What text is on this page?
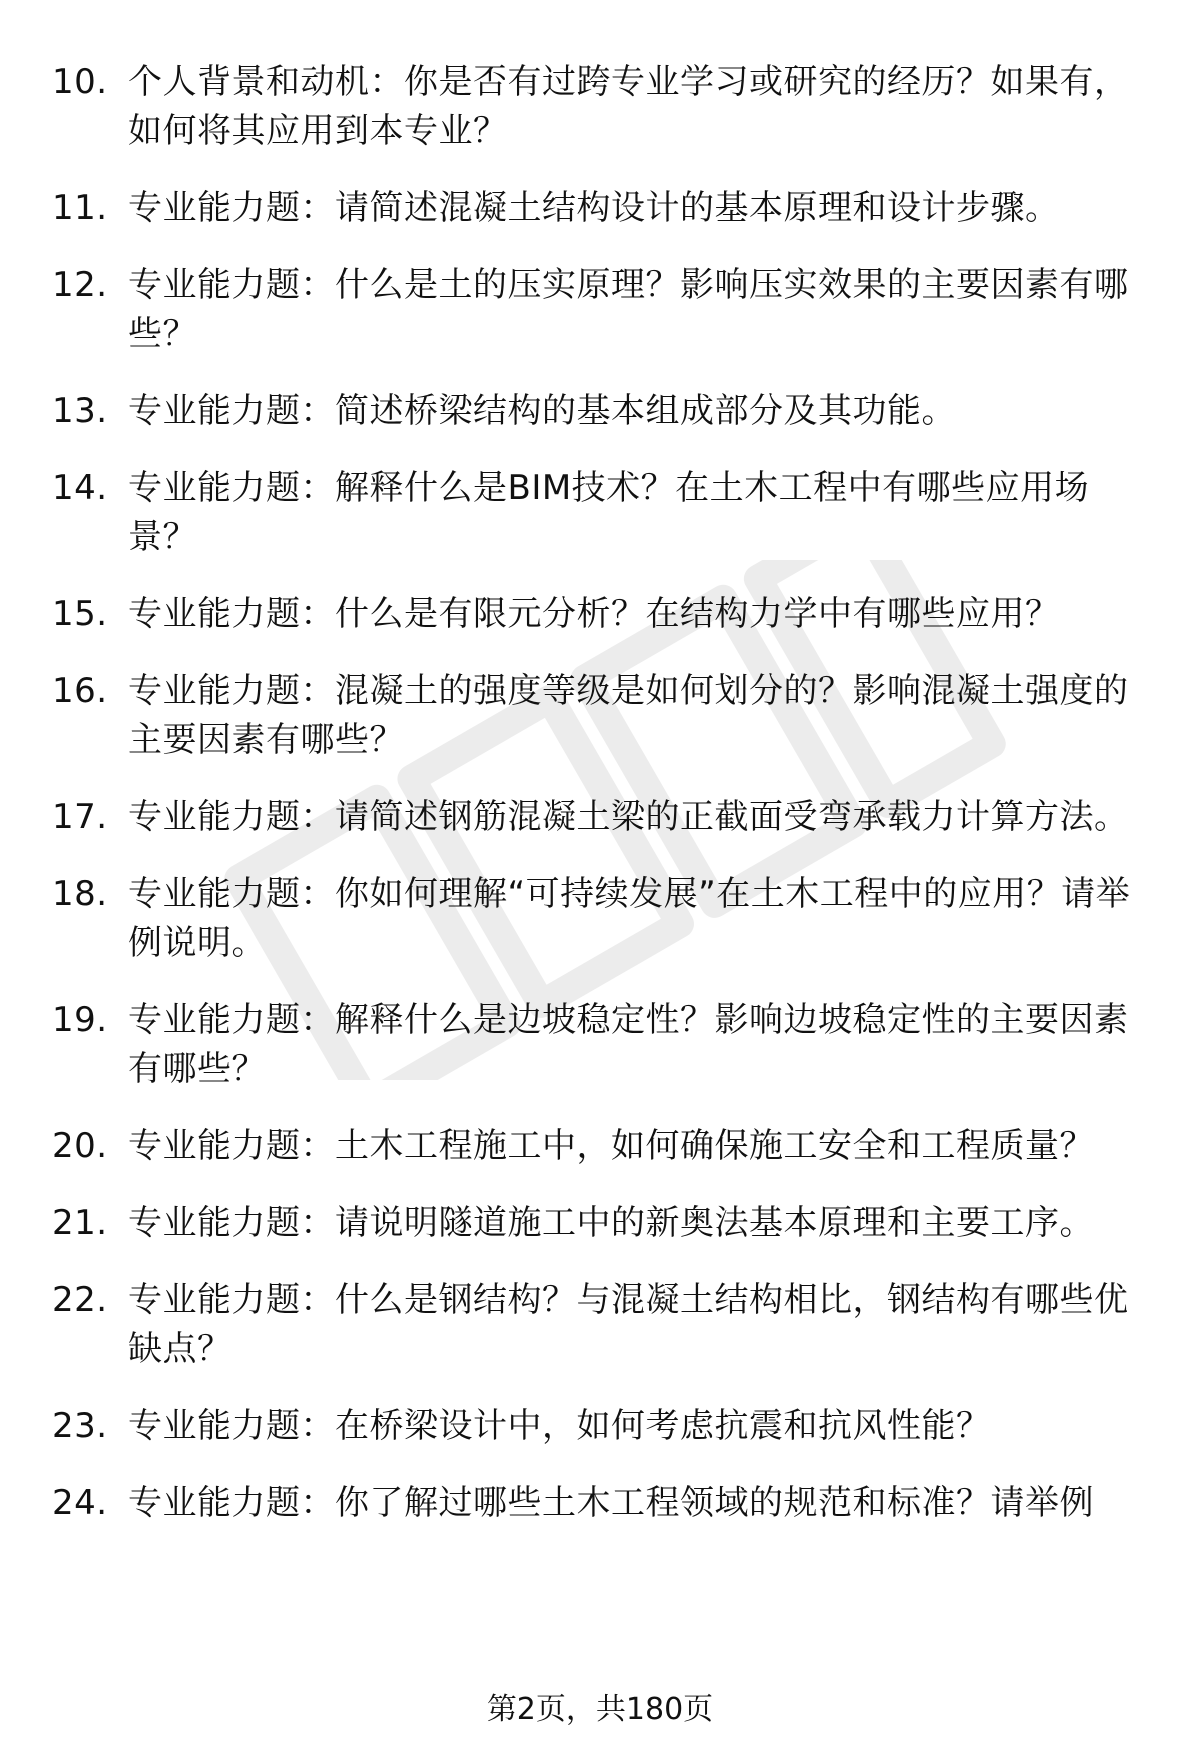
10. 个人背景和动机：你是否有过跨专业学习或研究的经历？如果有，如何将其应用到本专业？
11. 专业能力题：请简述混凝土结构设计的基本原理和设计步骤。
12. 专业能力题：什么是土的压实原理？影响压实效果的主要因素有哪些？
13. 专业能力题：简述桥梁结构的基本组成部分及其功能。
14. 专业能力题：解释什么是BIM技术？在土木工程中有哪些应用场景？
15. 专业能力题：什么是有限元分析？在结构力学中有哪些应用？
16. 专业能力题：混凝土的强度等级是如何划分的？影响混凝土强度的主要因素有哪些？
17. 专业能力题：请简述钢筋混凝土梁的正截面受弯承载力计算方法。
18. 专业能力题：你如何理解“可持续发展”在土木工程中的应用？请举例说明。
19. 专业能力题：解释什么是边坡稳定性？影响边坡稳定性的主要因素有哪些？
20. 专业能力题：土木工程施工中，如何确保施工安全和工程质量？
21. 专业能力题：请说明隧道施工中的新奥法基本原理和主要工序。
22. 专业能力题：什么是钢结构？与混凝土结构相比，钢结构有哪些优缺点？
23. 专业能力题：在桥梁设计中，如何考虑抗震和抗风性能？
24. 专业能力题：你了解过哪些土木工程领域的规范和标准？请举例
第2页，共180页
